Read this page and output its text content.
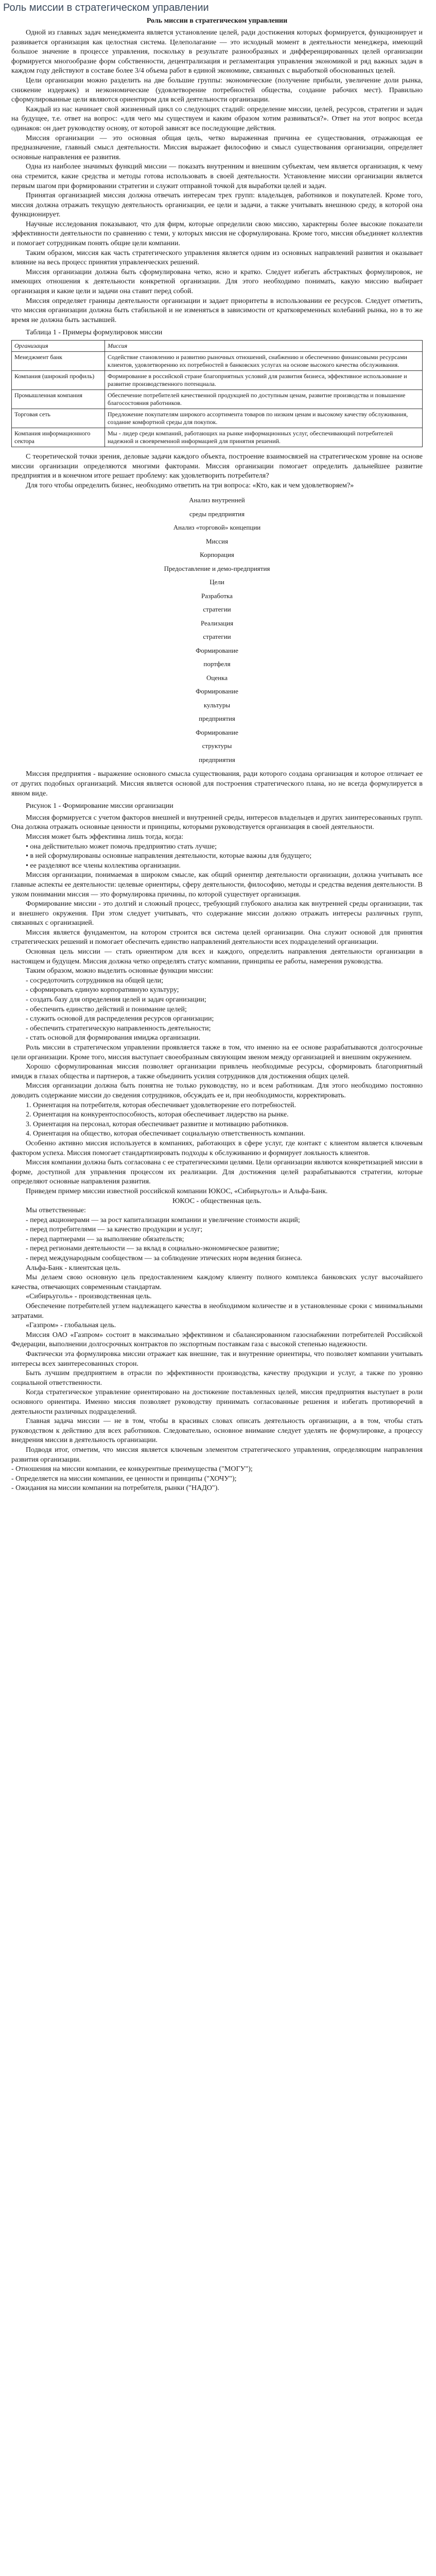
Роль миссии в стратегическом управлении
Роль миссии в стратегическом управлении

Одной из главных задач менеджмента является установление целей, ради достижения которых формируется, функционирует и развивается организация как целостная система. Целеполагание — это исходный момент в деятельности менеджера, имеющий большое значение в процессе управления, поскольку в результате разнообразных и дифференцированных целей организации формируется многообразие форм собственности, децентрализация и регламентация управления экономикой и ряд важных задач в каждом году действуют в составе более 3/4 объема работ в единой экономике, связанных с выработкой обоснованных целей.

Цели организации можно разделить на две большие группы: экономические (получение прибыли, увеличение доли рынка, снижение издержек) и неэкономические (удовлетворение потребностей общества, создание рабочих мест). Правильно сформулированные цели являются ориентиром для всей деятельности организации.

Каждый из нас начинает свой жизненный цикл со следующих стадий: определение миссии, целей, ресурсов, стратегии и задач на будущее, т.е. ответ на вопрос: «для чего мы существуем и каким образом хотим развиваться?». Ответ на этот вопрос всегда одинаков: он дает руководству основу, от которой зависят все последующие действия.

Миссия организации — это основная общая цель, четко выраженная причина ее существования, отражающая ее предназначение, главный смысл деятельности. Миссия выражает философию и смысл существования организации, определяет основные направления ее развития.

Одна из наиболее значимых функций миссии — показать внутренним и внешним субъектам, чем является организация, к чему она стремится, какие средства и методы готова использовать в своей деятельности. Установление миссии организации является первым шагом при формировании стратегии и служит отправной точкой для выработки целей и задач.

Принятая организацией миссия должна отвечать интересам трех групп: владельцев, работников и покупателей. Кроме того, миссия должна отражать текущую деятельность организации, ее цели и задачи, а также учитывать внешнюю среду, в которой она функционирует.

Научные исследования показывают, что для фирм, которые определили свою миссию, характерны более высокие показатели эффективности деятельности по сравнению с теми, у которых миссия не сформулирована. Кроме того, миссия объединяет коллектив и помогает сотрудникам понять общие цели компании.

Таким образом, миссия как часть стратегического управления является одним из основных направлений развития и оказывает влияние на весь процесс принятия управленческих решений.

Миссия организации должна быть сформулирована четко, ясно и кратко. Следует избегать абстрактных формулировок, не имеющих отношения к деятельности конкретной организации. Для этого необходимо понимать, какую миссию выбирает организация и какие цели и задачи она ставит перед собой.

Миссия определяет границы деятельности организации и задает приоритеты в использовании ее ресурсов. Следует отметить, что миссия организации должна быть стабильной и не изменяться в зависимости от кратковременных колебаний рынка, но в то же время не должна быть застывшей.

Таблица 1 - Примеры формулировок миссии

Организация	Миссия
Менеджмент банк	Содействие становлению и развитию рыночных отношений, снабжению и обеспечению финансовыми ресурсами клиентов, удовлетворению их потребностей в банковских услугах на основе высокого качества обслуживания.
Компания (широкий профиль)	Формирование в российской стране благоприятных условий для развития бизнеса, эффективное использование и развитие производственного потенциала.
Промышленная компания	Обеспечение потребителей качественной продукцией по доступным ценам, развитие производства и повышение благосостояния работников.
Торговая сеть	Предложение покупателям широкого ассортимента товаров по низким ценам и высокому качеству обслуживания, создание комфортной среды для покупок.
Компания информационного сектора	Мы - лидер среди компаний, работающих на рынке информационных услуг, обеспечивающий потребителей надежной и своевременной информацией для принятия решений.

С теоретической точки зрения, деловые задачи каждого объекта, построение взаимосвязей на стратегическом уровне на основе миссии организации определяются многими факторами. Миссия организации помогает определить дальнейшее развитие предприятия и в конечном итоге решает проблему: как удовлетворить потребителя?

Для того чтобы определить бизнес, необходимо ответить на три вопроса: «Кто, как и чем удовлетворяем?»

Анализ внутренней
среды предприятия
Анализ «торговой» концепции
Миссия
Корпорация
Предоставление и демо-предприятия
Цели
Разработка
стратегии
Реализация
стратегии
Формирование
портфеля
Оценка
Формирование
культуры
предприятия
Формирование
структуры
предприятия

Миссия предприятия - выражение основного смысла существования, ради которого создана организация и которое отличает ее от других подобных организаций. Миссия является основой для построения стратегического плана, но не всегда формулируется в явном виде.

Рисунок 1 - Формирование миссии организации

Миссия формируется с учетом факторов внешней и внутренней среды, интересов владельцев и других заинтересованных групп. Она должна отражать основные ценности и принципы, которыми руководствуется организация в своей деятельности.

Миссия может быть эффективна лишь тогда, когда:

• она действительно может помочь предприятию стать лучше;

• в ней сформулированы основные направления деятельности, которые важны для будущего;

• ее разделяют все члены коллектива организации.

Миссия организации, понимаемая в широком смысле, как общий ориентир деятельности организации, должна учитывать все главные аспекты ее деятельности: целевые ориентиры, сферу деятельности, философию, методы и средства ведения деятельности. В узком понимании миссия — это формулировка причины, по которой существует организация.

Формирование миссии - это долгий и сложный процесс, требующий глубокого анализа как внутренней среды организации, так и внешнего окружения. При этом следует учитывать, что содержание миссии должно отражать интересы различных групп, связанных с организацией.

Миссия является фундаментом, на котором строится вся система целей организации. Она служит основой для принятия стратегических решений и помогает обеспечить единство направлений деятельности всех подразделений организации.

Основная цель миссии — стать ориентиром для всех и каждого, определить направления деятельности организации в настоящем и будущем. Миссия должна четко определять статус компании, принципы ее работы, намерения руководства.

Таким образом, можно выделить основные функции миссии:

- сосредоточить сотрудников на общей цели;

- сформировать единую корпоративную культуру;

- создать базу для определения целей и задач организации;

- обеспечить единство действий и понимание целей;

- служить основой для распределения ресурсов организации;

- обеспечить стратегическую направленность деятельности;

- стать основой для формирования имиджа организации.

Роль миссии в стратегическом управлении проявляется также в том, что именно на ее основе разрабатываются долгосрочные цели организации. Кроме того, миссия выступает своеобразным связующим звеном между организацией и внешним окружением.

Хорошо сформулированная миссия позволяет организации привлечь необходимые ресурсы, сформировать благоприятный имидж в глазах общества и партнеров, а также объединить усилия сотрудников для достижения общих целей.

Миссия организации должна быть понятна не только руководству, но и всем работникам. Для этого необходимо постоянно доводить содержание миссии до сведения сотрудников, обсуждать ее и, при необходимости, корректировать.

1. Ориентация на потребителя, которая обеспечивает удовлетворение его потребностей.

2. Ориентация на конкурентоспособность, которая обеспечивает лидерство на рынке.

3. Ориентация на персонал, которая обеспечивает развитие и мотивацию работников.

4. Ориентация на общество, которая обеспечивает социальную ответственность компании.

Особенно активно миссия используется в компаниях, работающих в сфере услуг, где контакт с клиентом является ключевым фактором успеха. Миссия помогает стандартизировать подходы к обслуживанию и формирует лояльность клиентов.

Миссия компании должна быть согласована с ее стратегическими целями. Цели организации являются конкретизацией миссии в форме, доступной для управления процессом их реализации. Для достижения целей разрабатываются стратегии, которые определяют основные направления развития.

Приведем пример миссии известной российской компании ЮКОС, «Сибирьуголь» и Альфа-Банк.

ЮКОС - общественная цель.

Мы ответственные:

- перед акционерами — за рост капитализации компании и увеличение стоимости акций;

- перед потребителями — за качество продукции и услуг;

- перед партнерами — за выполнение обязательств;

- перед регионами деятельности — за вклад в социально-экономическое развитие;

- перед международным сообществом — за соблюдение этических норм ведения бизнеса.

Альфа-Банк - клиентская цель.

Мы делаем свою основную цель предоставлением каждому клиенту полного комплекса банковских услуг высочайшего качества, отвечающих современным стандартам.

«Сибирьуголь» - производственная цель.

Обеспечение потребителей углем надлежащего качества в необходимом количестве и в установленные сроки с минимальными затратами.

«Газпром» - глобальная цель.

Миссия ОАО «Газпром» состоит в максимально эффективном и сбалансированном газоснабжении потребителей Российской Федерации, выполнении долгосрочных контрактов по экспортным поставкам газа с высокой степенью надежности.

Фактически эта формулировка миссии отражает как внешние, так и внутренние ориентиры, что позволяет компании учитывать интересы всех заинтересованных сторон.

Быть лучшим предприятием в отрасли по эффективности производства, качеству продукции и услуг, а также по уровню социальной ответственности.

Когда стратегическое управление ориентировано на достижение поставленных целей, миссия предприятия выступает в роли основного ориентира. Именно миссия позволяет руководству принимать согласованные решения и избегать противоречий в деятельности различных подразделений.

Главная задача миссии — не в том, чтобы в красивых словах описать деятельность организации, а в том, чтобы стать руководством к действию для всех работников. Следовательно, основное внимание следует уделять не формулировке, а процессу внедрения миссии в деятельность организации.

Подводя итог, отметим, что миссия является ключевым элементом стратегического управления, определяющим направления развития организации.

- Отношения на миссии компании, ее конкурентные преимущества ("МОГУ");

- Определяется на миссии компании, ее ценности и принципы ("ХОЧУ");

- Ожидания на миссии компании на потребителя, рынки ("НАДО").
